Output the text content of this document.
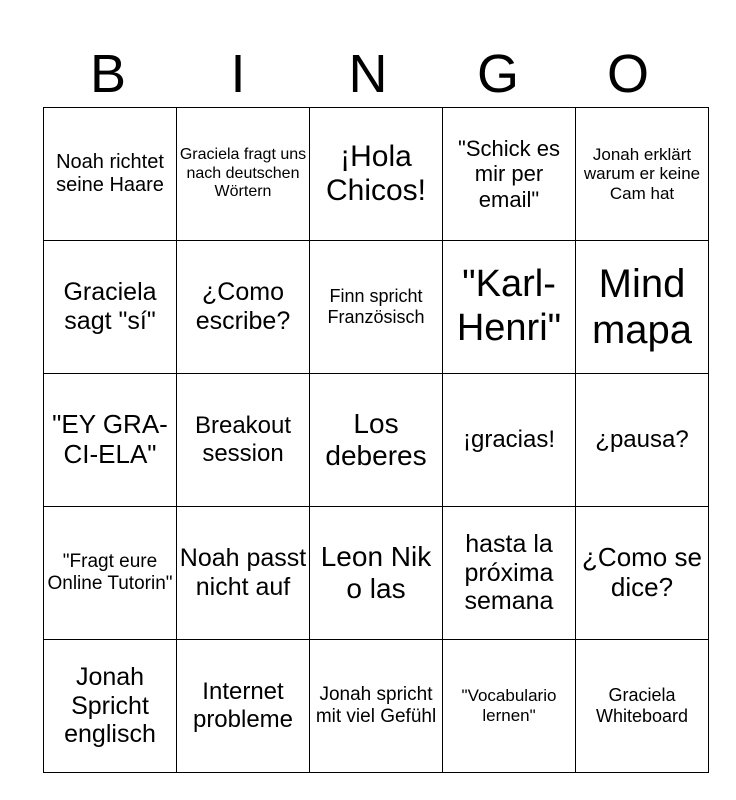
B	I	N	G	O
Noah richtet seine Haare	Graciela fragt uns nach deutschen Wörtern	¡Hola Chicos!	"Schick es mir per email"	Jonah erklärt warum er keine Cam hat
Graciela sagt "sí"	¿Como escribe?	Finn spricht Französisch	"Karl-Henri"	Mind mapa
"EY GRA-CI-ELA"	Breakout session	Los deberes	¡gracias!	¿pausa?
"Fragt eure Online Tutorin"	Noah passt nicht auf	Leon Nik o las	hasta la próxima semana	¿Como se dice?
Jonah Spricht englisch	Internet probleme	Jonah spricht mit viel Gefühl	"Vocabulario lernen"	Graciela Whiteboard
